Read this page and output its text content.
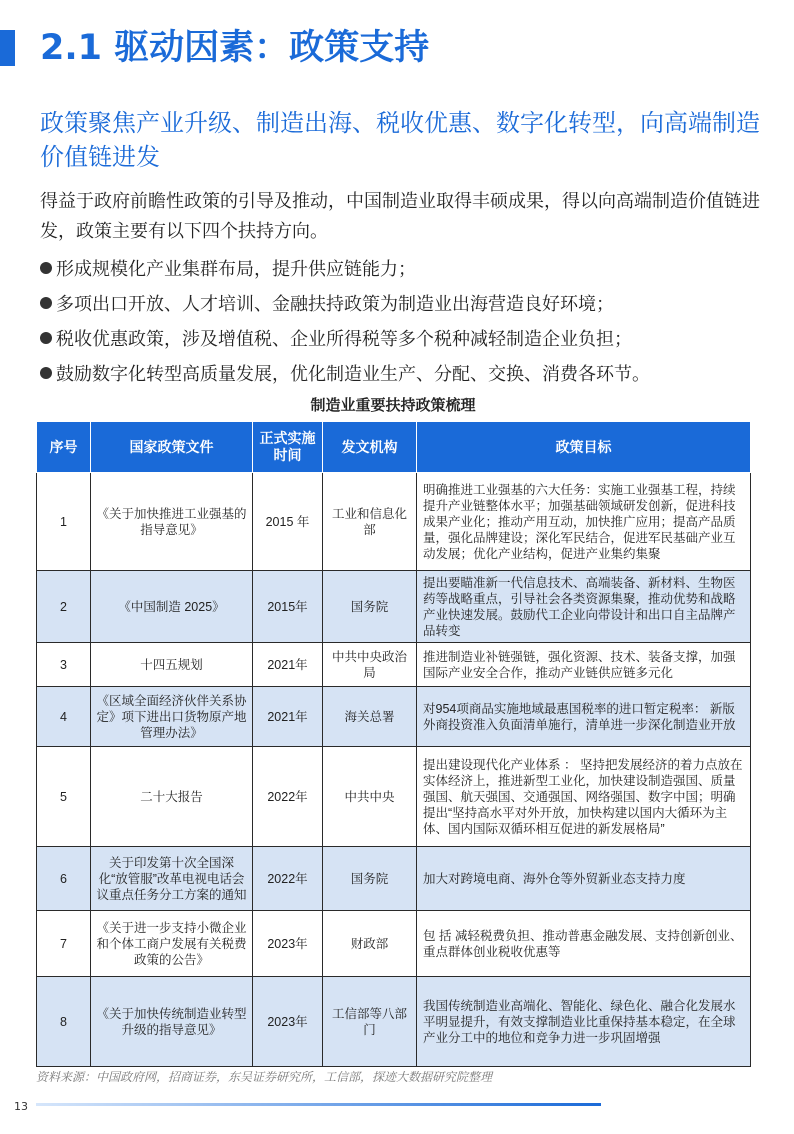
2.1 驱动因素：政策支持
政策聚焦产业升级、制造出海、税收优惠、数字化转型，向高端制造价值链进发

得益于政府前瞻性政策的引导及推动，中国制造业取得丰硕成果，得以向高端制造价值链进发，政策主要有以下四个扶持方向。

形成规模化产业集群布局，提升供应链能力；
多项出口开放、人才培训、金融扶持政策为制造业出海营造良好环境；
税收优惠政策，涉及增值税、企业所得税等多个税种减轻制造企业负担；
鼓励数字化转型高质量发展，优化制造业生产、分配、交换、消费各环节。

制造业重要扶持政策梳理

序号	国家政策文件	正式实施时间	发文机构	政策目标
1	《关于加快推进工业强基的指导意见》	2015 年	工业和信息化部	明确推进工业强基的六大任务：实施工业强基工程，持续提升产业链整体水平；加强基础领域研发创新，促进科技成果产业化；推动产用互动，加快推广应用；提高产品质量，强化品牌建设；深化军民结合，促进军民基础产业互动发展；优化产业结构，促进产业集约集聚
2	《中国制造 2025》	2015年	国务院	提出要瞄准新一代信息技术、高端装备、新材料、生物医药等战略重点，引导社会各类资源集聚，推动优势和战略产业快速发展。鼓励代工企业向带设计和出口自主品牌产品转变
3	十四五规划	2021年	中共中央政治局	推进制造业补链强链，强化资源、技术、装备支撑，加强国际产业安全合作，推动产业链供应链多元化
4	《区域全面经济伙伴关系协定》项下进出口货物原产地管理办法》	2021年	海关总署	对954项商品实施地域最惠国税率的进口暂定税率： 新版外商投资准入负面清单施行，清单进一步深化制造业开放
5	二十大报告	2022年	中共中央	提出建设现代化产业体系 ： 坚持把发展经济的着力点放在实体经济上，推进新型工业化，加快建设制造强国、质量强国、航天强国、交通强国、网络强国、数字中国；明确提出“坚持高水平对外开放，加快构建以国内大循环为主体、国内国际双循环相互促进的新发展格局”
6	关于印发第十次全国深化“放管服”改革电视电话会议重点任务分工方案的通知	2022年	国务院	加大对跨境电商、海外仓等外贸新业态支持力度
7	《关于进一步支持小微企业和个体工商户发展有关税费政策的公告》	2023年	财政部	包 括 减轻税费负担、推动普惠金融发展、支持创新创业、重点群体创业税收优惠等
8	《关于加快传统制造业转型升级的指导意见》	2023年	工信部等八部门	我国传统制造业高端化、智能化、绿色化、融合化发展水平明显提升，有效支撑制造业比重保持基本稳定，在全球产业分工中的地位和竞争力进一步巩固增强

资料来源：中国政府网，招商证券，东吴证券研究所，工信部，探迹大数据研究院整理

13
